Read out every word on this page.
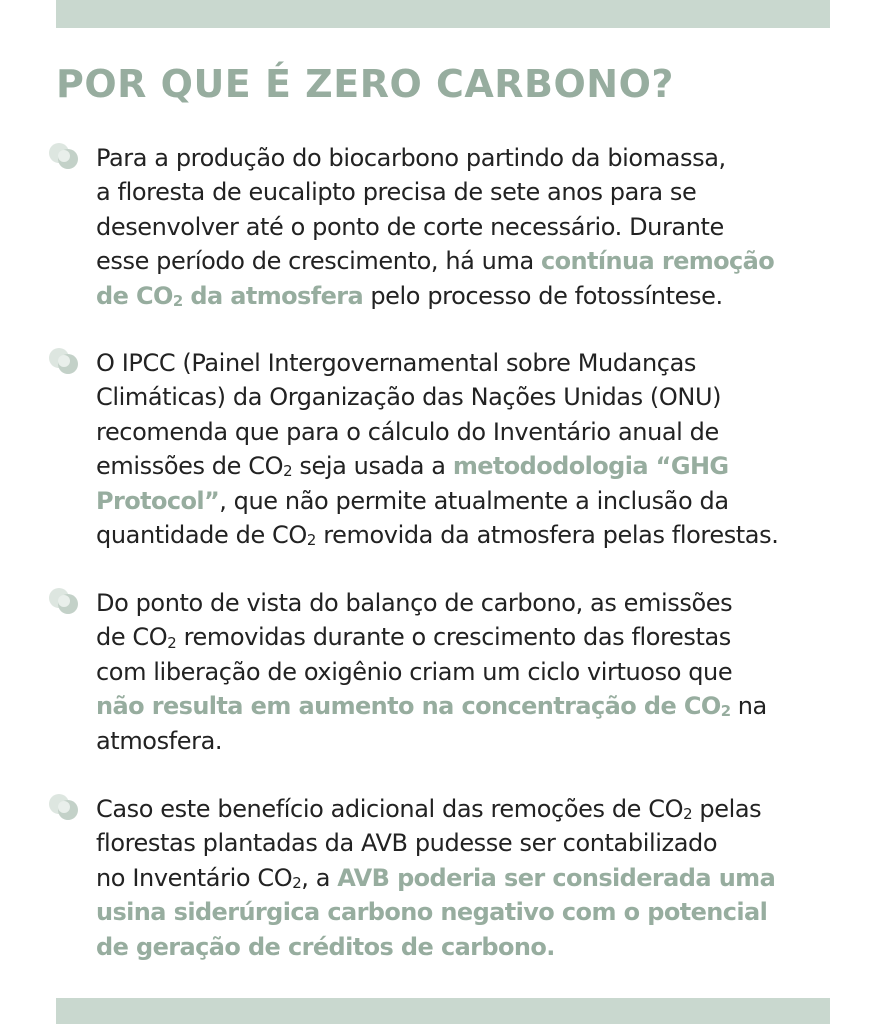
POR QUE É ZERO CARBONO?
Para a produção do biocarbono partindo da biomassa,
a floresta de eucalipto precisa de sete anos para se
desenvolver até o ponto de corte necessário. Durante
esse período de crescimento, há uma contínua remoção
de $CO_2$ da atmosfera pelo processo de fotossíntese.
O IPCC (Painel Intergovernamental sobre Mudanças
Climáticas) da Organização das Nações Unidas (ONU)
recomenda que para o cálculo do Inventário anual de
emissões de $CO_2$ seja usada a metododologia “GHG
Protocol”, que não permite atualmente a inclusão da
quantidade de $CO_2$ removida da atmosfera pelas florestas.
Do ponto de vista do balanço de carbono, as emissões
de $CO_2$ removidas durante o crescimento das florestas
com liberação de oxigênio criam um ciclo virtuoso que
não resulta em aumento na concentração de $CO_2$ na
atmosfera.
Caso este benefício adicional das remoções de $CO_2$ pelas
florestas plantadas da AVB pudesse ser contabilizado
no Inventário $CO_2$, a AVB poderia ser considerada uma
usina siderúrgica carbono negativo com o potencial
de geração de créditos de carbono.
